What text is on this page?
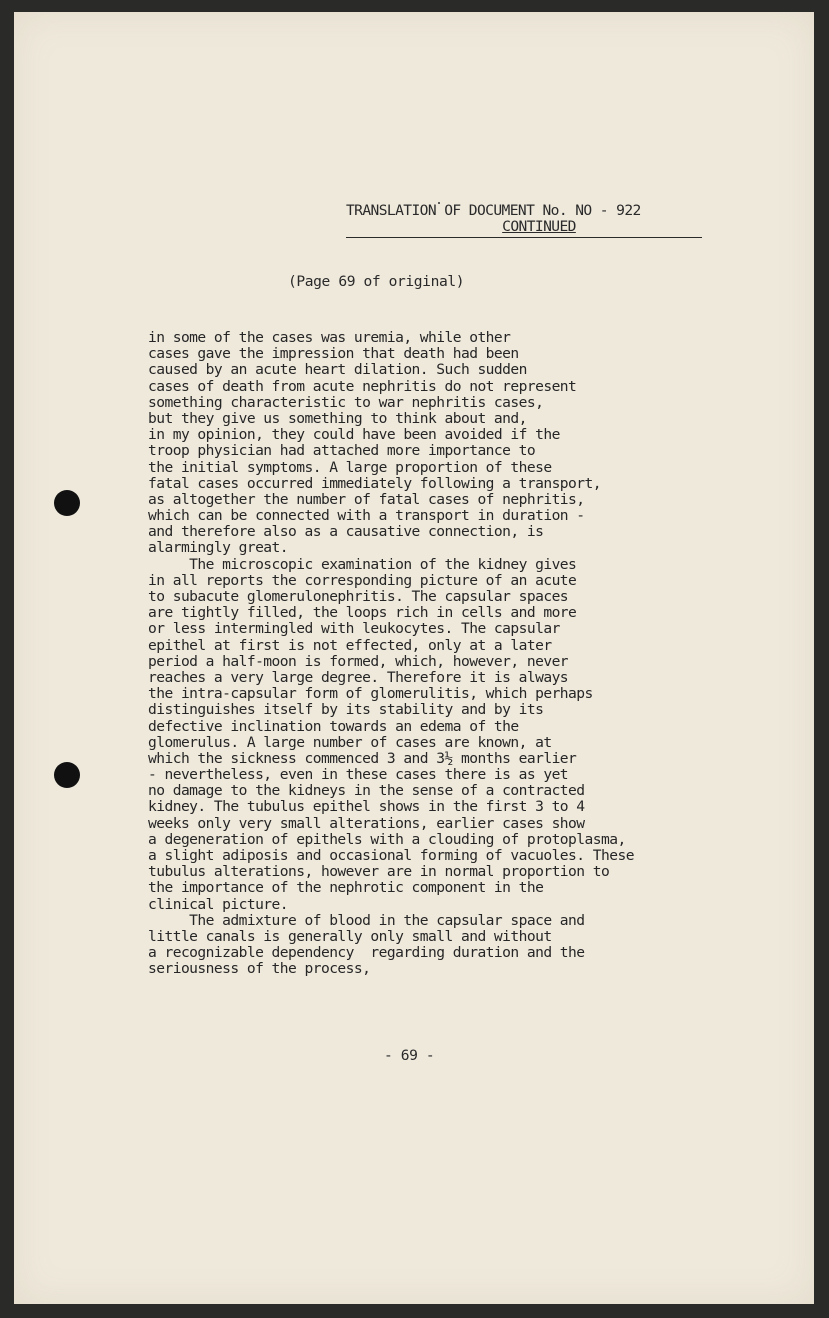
TRANSLATION OF DOCUMENT No. NO - 922
CONTINUED
(Page 69 of original)
in some of the cases was uremia, while other
cases gave the impression that death had been
caused by an acute heart dilation. Such sudden
cases of death from acute nephritis do not represent
something characteristic to war nephritis cases,
but they give us something to think about and,
in my opinion, they could have been avoided if the
troop physician had attached more importance to
the initial symptoms. A large proportion of these
fatal cases occurred immediately following a transport,
as altogether the number of fatal cases of nephritis,
which can be connected with a transport in duration -
and therefore also as a causative connection, is
alarmingly great.
The microscopic examination of the kidney gives
in all reports the corresponding picture of an acute
to subacute glomerulonephritis. The capsular spaces
are tightly filled, the loops rich in cells and more
or less intermingled with leukocytes. The capsular
epithel at first is not effected, only at a later
period a half-moon is formed, which, however, never
reaches a very large degree. Therefore it is always
the intra-capsular form of glomerulitis, which perhaps
distinguishes itself by its stability and by its
defective inclination towards an edema of the
glomerulus. A large number of cases are known, at
which the sickness commenced 3 and 3½ months earlier
- nevertheless, even in these cases there is as yet
no damage to the kidneys in the sense of a contracted
kidney. The tubulus epithel shows in the first 3 to 4
weeks only very small alterations, earlier cases show
a degeneration of epithels with a clouding of protoplasma,
a slight adiposis and occasional forming of vacuoles. These
tubulus alterations, however are in normal proportion to
the importance of the nephrotic component in the
clinical picture.
The admixture of blood in the capsular space and
little canals is generally only small and without
a recognizable dependency  regarding duration and the
seriousness of the process,
- 69 -
